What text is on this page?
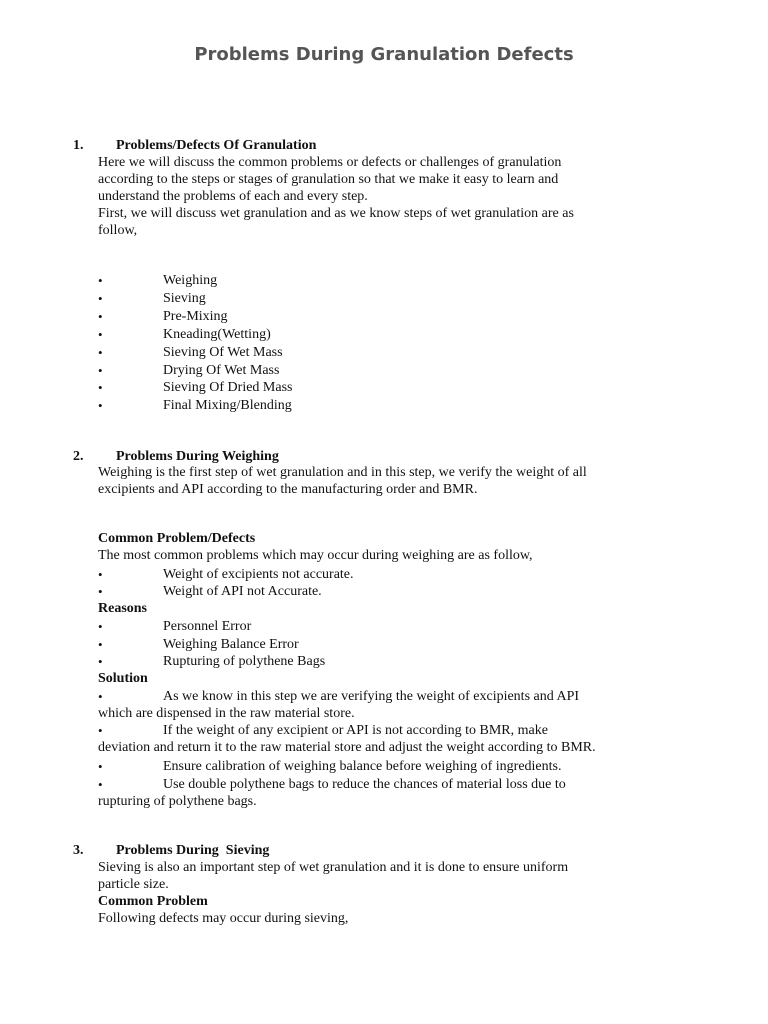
Problems During Granulation Defects
1. Problems/Defects Of Granulation
Here we will discuss the common problems or defects or challenges of granulation
according to the steps or stages of granulation so that we make it easy to learn and
understand the problems of each and every step.
First, we will discuss wet granulation and as we know steps of wet granulation are as
follow,
•	Weighing
•	Sieving
•	Pre-Mixing
•	Kneading(Wetting)
•	Sieving Of Wet Mass
•	Drying Of Wet Mass
•	Sieving Of Dried Mass
•	Final Mixing/Blending
2. Problems During Weighing
Weighing is the first step of wet granulation and in this step, we verify the weight of all
excipients and API according to the manufacturing order and BMR.
Common Problem/Defects
The most common problems which may occur during weighing are as follow,
•	Weight of excipients not accurate.
•	Weight of API not Accurate.
Reasons
•	Personnel Error
•	Weighing Balance Error
•	Rupturing of polythene Bags
Solution
•	As we know in this step we are verifying the weight of excipients and API
which are dispensed in the raw material store.
•	If the weight of any excipient or API is not according to BMR, make
deviation and return it to the raw material store and adjust the weight according to BMR.
•	Ensure calibration of weighing balance before weighing of ingredients.
•	Use double polythene bags to reduce the chances of material loss due to
rupturing of polythene bags.
3. Problems During  Sieving
Sieving is also an important step of wet granulation and it is done to ensure uniform
particle size.
Common Problem
Following defects may occur during sieving,
